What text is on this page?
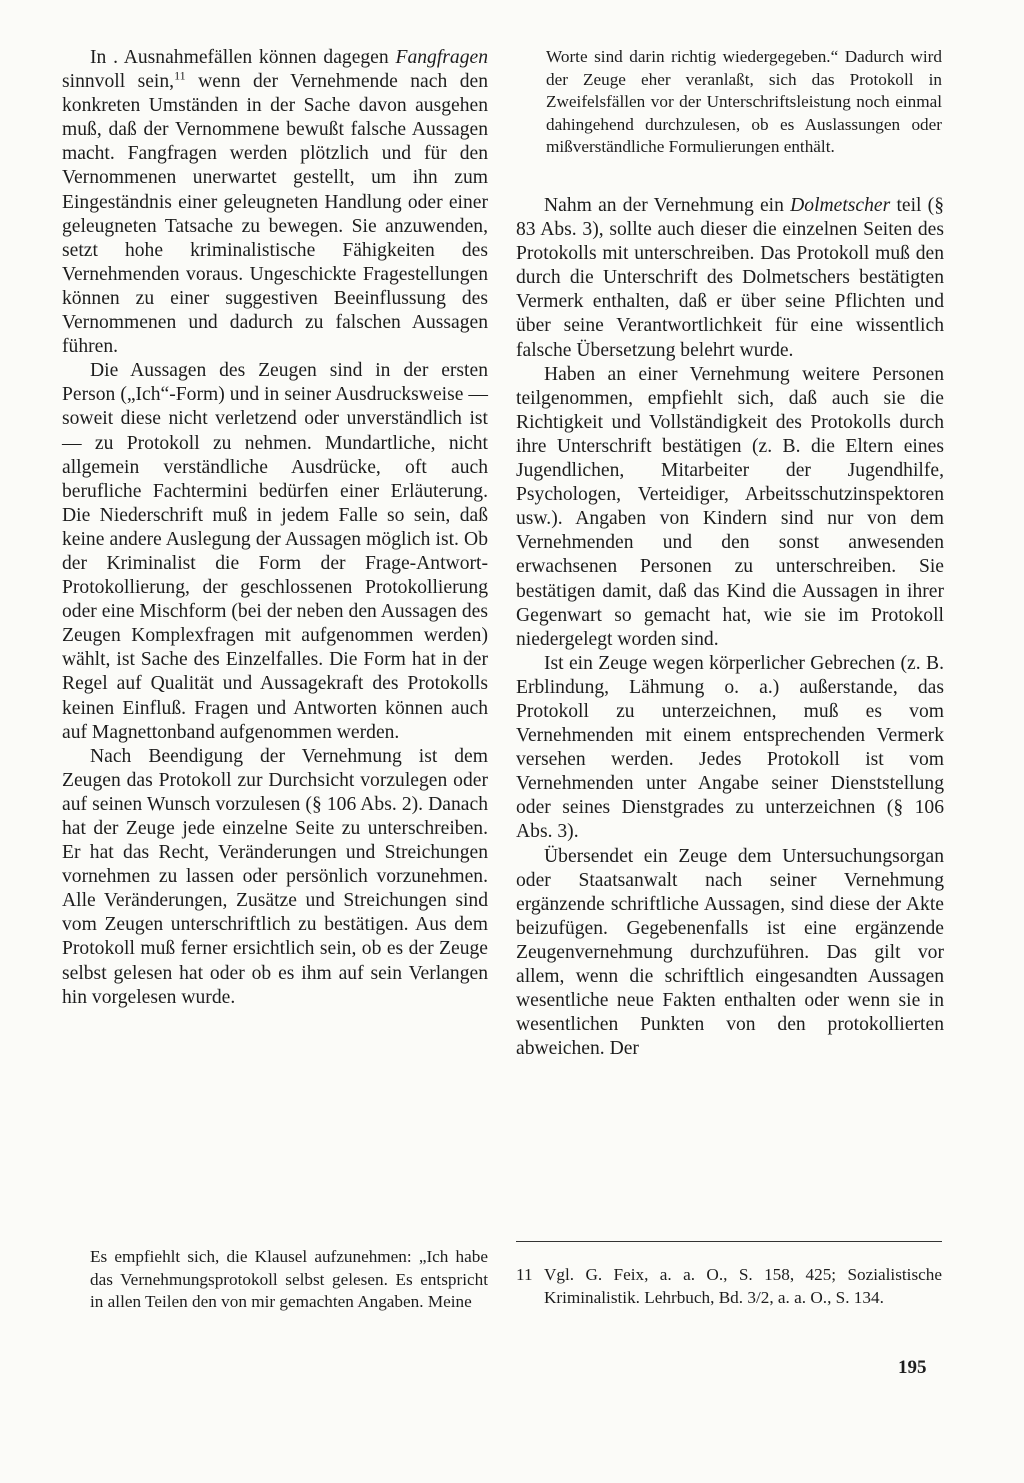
In . Ausnahmefällen können dagegen Fangfragen sinnvoll sein,$^{11}$ wenn der Vernehmende nach den konkreten Umständen in der Sache davon ausgehen muß, daß der Vernommene bewußt falsche Aussagen macht. Fangfragen werden plötzlich und für den Vernommenen unerwartet gestellt, um ihn zum Eingeständnis einer geleugneten Handlung oder einer geleugneten Tatsache zu bewegen. Sie anzuwenden, setzt hohe kriminalistische Fähigkeiten des Vernehmenden voraus. Ungeschickte Fragestellungen können zu einer suggestiven Beeinflussung des Vernommenen und dadurch zu falschen Aussagen führen.

Die Aussagen des Zeugen sind in der ersten Person („Ich“-Form) und in seiner Ausdrucksweise — soweit diese nicht verletzend oder unverständlich ist — zu Protokoll zu nehmen. Mundartliche, nicht allgemein verständliche Ausdrücke, oft auch berufliche Fachtermini bedürfen einer Erläuterung. Die Niederschrift muß in jedem Falle so sein, daß keine andere Auslegung der Aussagen möglich ist. Ob der Kriminalist die Form der Frage-Antwort-Protokollierung, der geschlossenen Protokollierung oder eine Mischform (bei der neben den Aussagen des Zeugen Komplexfragen mit aufgenommen werden) wählt, ist Sache des Einzelfalles. Die Form hat in der Regel auf Qualität und Aussagekraft des Protokolls keinen Einfluß. Fragen und Antworten können auch auf Magnettonband aufgenommen werden.

Nach Beendigung der Vernehmung ist dem Zeugen das Protokoll zur Durchsicht vorzulegen oder auf seinen Wunsch vorzulesen (§ 106 Abs. 2). Danach hat der Zeuge jede einzelne Seite zu unterschreiben. Er hat das Recht, Veränderungen und Streichungen vornehmen zu lassen oder persönlich vorzunehmen. Alle Veränderungen, Zusätze und Streichungen sind vom Zeugen unterschriftlich zu bestätigen. Aus dem Protokoll muß ferner ersichtlich sein, ob es der Zeuge selbst gelesen hat oder ob es ihm auf sein Verlangen hin vorgelesen wurde.

Es empfiehlt sich, die Klausel aufzunehmen: „Ich habe das Vernehmungsprotokoll selbst gelesen. Es entspricht in allen Teilen den von mir gemachten Angaben. Meine

Worte sind darin richtig wiedergegeben.“ Dadurch wird der Zeuge eher veranlaßt, sich das Protokoll in Zweifelsfällen vor der Unterschriftsleistung noch einmal dahingehend durchzulesen, ob es Auslassungen oder mißverständliche Formulierungen enthält.

Nahm an der Vernehmung ein Dolmetscher teil (§ 83 Abs. 3), sollte auch dieser die einzelnen Seiten des Protokolls mit unterschreiben. Das Protokoll muß den durch die Unterschrift des Dolmetschers bestätigten Vermerk enthalten, daß er über seine Pflichten und über seine Verantwortlichkeit für eine wissentlich falsche Übersetzung belehrt wurde.

Haben an einer Vernehmung weitere Personen teilgenommen, empfiehlt sich, daß auch sie die Richtigkeit und Vollständigkeit des Protokolls durch ihre Unterschrift bestätigen (z. B. die Eltern eines Jugendlichen, Mitarbeiter der Jugendhilfe, Psychologen, Verteidiger, Arbeitsschutzinspektoren usw.). Angaben von Kindern sind nur von dem Vernehmenden und den sonst anwesenden erwachsenen Personen zu unterschreiben. Sie bestätigen damit, daß das Kind die Aussagen in ihrer Gegenwart so gemacht hat, wie sie im Protokoll niedergelegt worden sind.

Ist ein Zeuge wegen körperlicher Gebrechen (z. B. Erblindung, Lähmung o. a.) außerstande, das Protokoll zu unterzeichnen, muß es vom Vernehmenden mit einem entsprechenden Vermerk versehen werden. Jedes Protokoll ist vom Vernehmenden unter Angabe seiner Dienststellung oder seines Dienstgrades zu unterzeichnen (§ 106 Abs. 3).

Übersendet ein Zeuge dem Untersuchungsorgan oder Staatsanwalt nach seiner Vernehmung ergänzende schriftliche Aussagen, sind diese der Akte beizufügen. Gegebenenfalls ist eine ergänzende Zeugenvernehmung durchzuführen. Das gilt vor allem, wenn die schriftlich eingesandten Aussagen wesentliche neue Fakten enthalten oder wenn sie in wesentlichen Punkten von den protokollierten abweichen. Der

11 Vgl. G. Feix, a. a. O., S. 158, 425; Sozialistische Kriminalistik. Lehrbuch, Bd. 3/2, a. a. O., S. 134.
195
